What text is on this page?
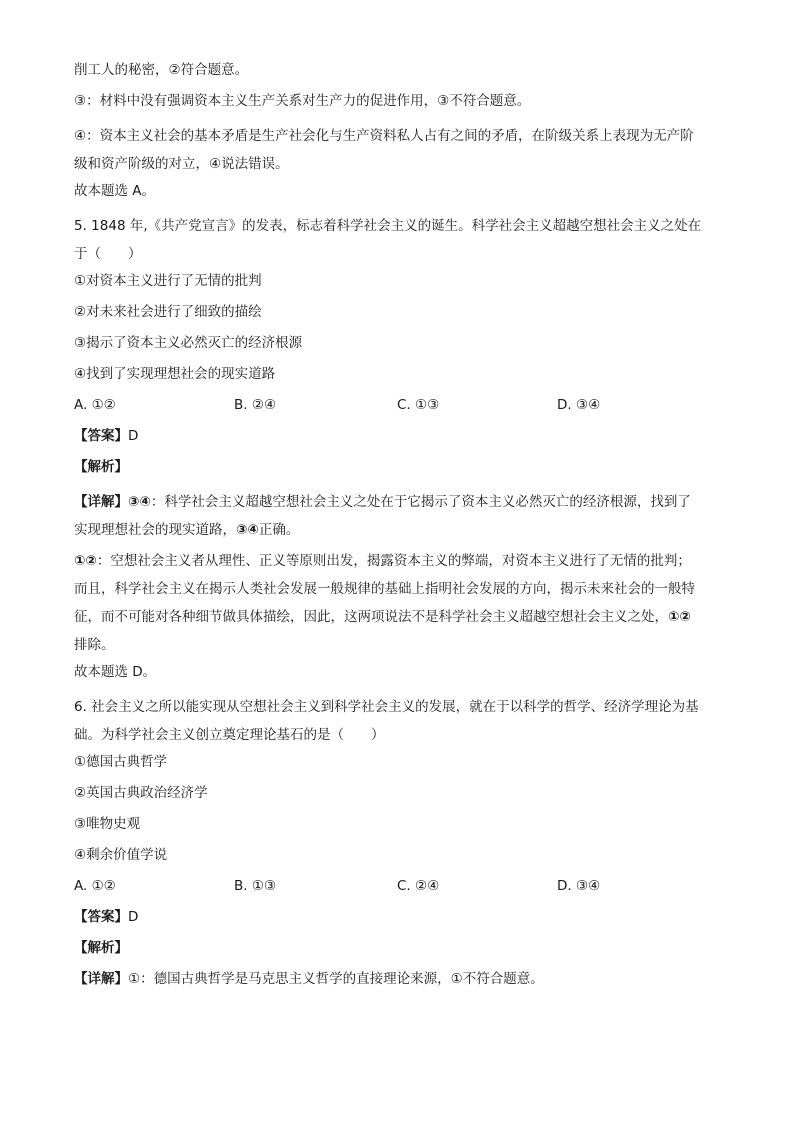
削工人的秘密，②符合题意。
③：材料中没有强调资本主义生产关系对生产力的促进作用，③不符合题意。
④：资本主义社会的基本矛盾是生产社会化与生产资料私人占有之间的矛盾，在阶级关系上表现为无产阶
级和资产阶级的对立，④说法错误。
故本题选 A。
5. 1848 年,《共产党宣言》的发表，标志着科学社会主义的诞生。科学社会主义超越空想社会主义之处在
于（　　）
①对资本主义进行了无情的批判
②对未来社会进行了细致的描绘
③揭示了资本主义必然灭亡的经济根源
④找到了实现理想社会的现实道路
A. ①②	B. ②④	C. ①③	D. ③④
【答案】D
【解析】
【详解】③④：科学社会主义超越空想社会主义之处在于它揭示了资本主义必然灭亡的经济根源，找到了
实现理想社会的现实道路，③④正确。
①②：空想社会主义者从理性、正义等原则出发，揭露资本主义的弊端，对资本主义进行了无情的批判；
而且，科学社会主义在揭示人类社会发展一般规律的基础上指明社会发展的方向，揭示未来社会的一般特
征，而不可能对各种细节做具体描绘，因此，这两项说法不是科学社会主义超越空想社会主义之处，①②
排除。
故本题选 D。
6. 社会主义之所以能实现从空想社会主义到科学社会主义的发展，就在于以科学的哲学、经济学理论为基
础。为科学社会主义创立奠定理论基石的是（　　）
①德国古典哲学
②英国古典政治经济学
③唯物史观
④剩余价值学说
A. ①②	B. ①③	C. ②④	D. ③④
【答案】D
【解析】
【详解】①：德国古典哲学是马克思主义哲学的直接理论来源，①不符合题意。
